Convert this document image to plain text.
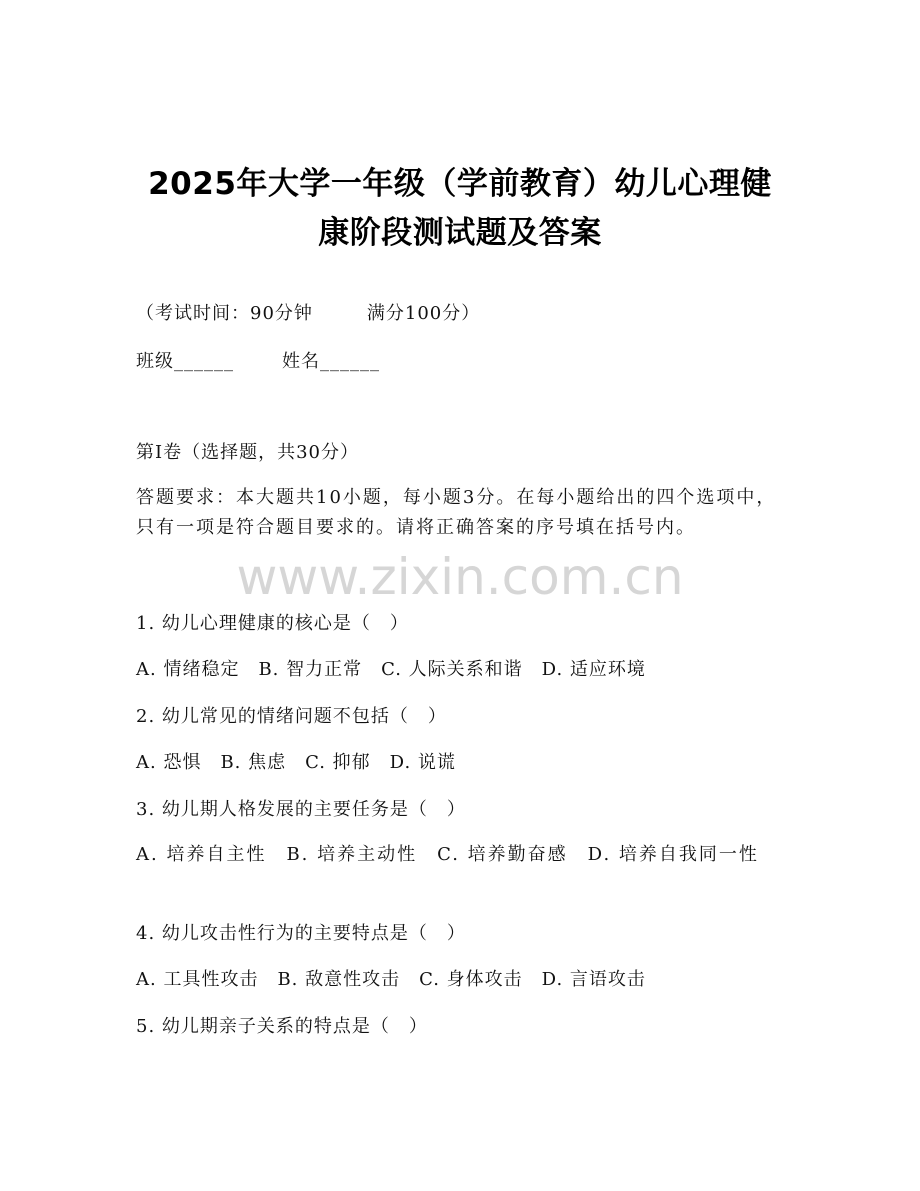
2025年大学一年级（学前教育）幼儿心理健
康阶段测试题及答案
（考试时间：90分钟	满分100分）
班级______	姓名______
第Ⅰ卷（选择题，共30分）
答题要求：本大题共10小题，每小题3分。在每小题给出的四个选项中，只有一项是符合题目要求的。请将正确答案的序号填在括号内。
www.zixin.com.cn
1. 幼儿心理健康的核心是（　）
A. 情绪稳定　B. 智力正常　C. 人际关系和谐　D. 适应环境
2. 幼儿常见的情绪问题不包括（　）
A. 恐惧　B. 焦虑　C. 抑郁　D. 说谎
3. 幼儿期人格发展的主要任务是（　）
A. 培养自主性　B. 培养主动性　C. 培养勤奋感　D. 培养自我同一性
4. 幼儿攻击性行为的主要特点是（　）
A. 工具性攻击　B. 敌意性攻击　C. 身体攻击　D. 言语攻击
5. 幼儿期亲子关系的特点是（　）
